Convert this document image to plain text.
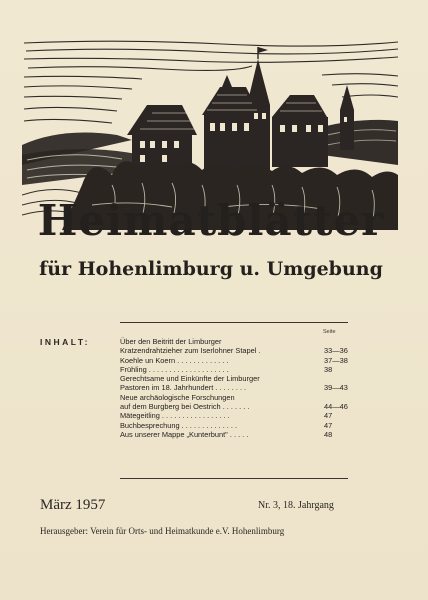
Heimatblätter
für Hohenlimburg u. Umgebung
Seite
INHALT:	Über den Beitritt der Limburger
Kratzendrahtzieher zum Iserlohner Stapel .	33—36
Koehle un Koern . . . . . . . . . . . . .	37—38
Frühling . . . . . . . . . . . . . . . . . . . .	38
Gerechtsame und Einkünfte der Limburger
Pastoren im 18. Jahrhundert . . . . . . . .	39—43
Neue archäologische Forschungen
auf dem Burgberg bei Oestrich . . . . . . .	44—46
Mätegeitling . . . . . . . . . . . . . . . . .	47
Buchbesprechung . . . . . . . . . . . . . .	47
Aus unserer Mappe „Kunterbunt" . . . . .	48
März 1957	Nr. 3, 18. Jahrgang
Herausgeber: Verein für Orts- und Heimatkunde e.V. Hohenlimburg
